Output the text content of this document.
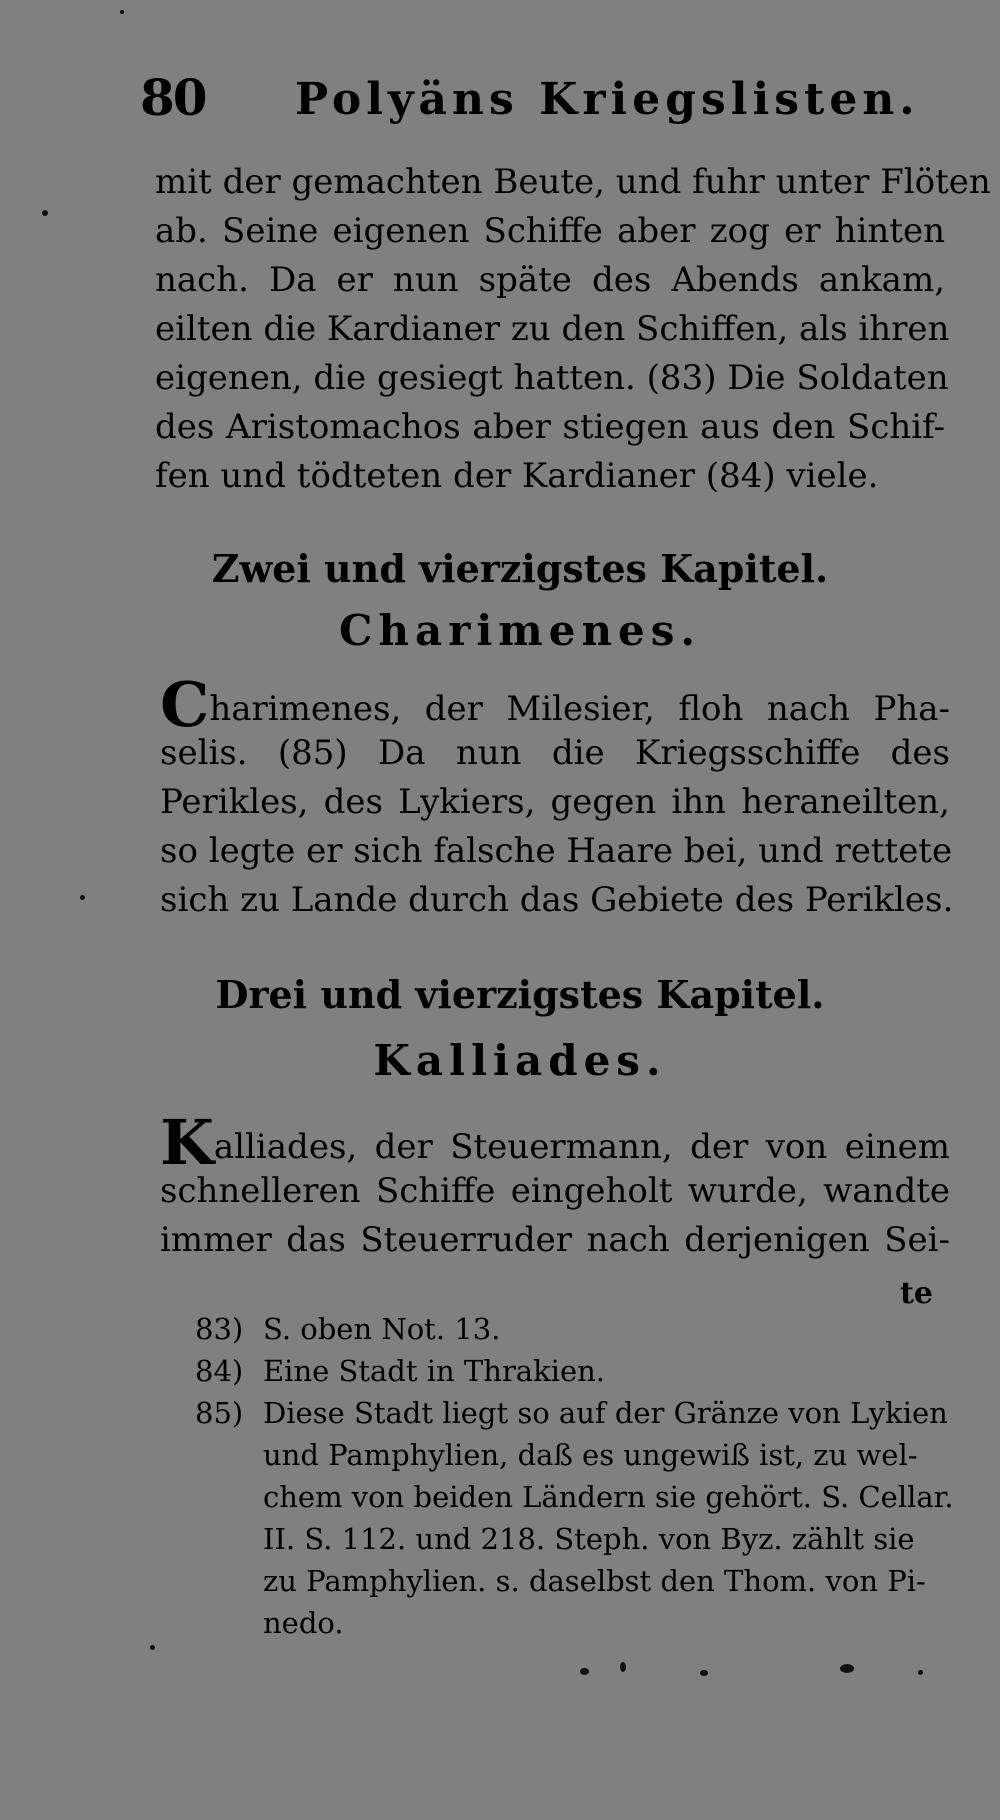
80 Polyäns Kriegslisten.
mit der gemachten Beute, und fuhr unter Flöten
ab. Seine eigenen Schiffe aber zog er hinten
nach. Da er nun späte des Abends ankam,
eilten die Kardianer zu den Schiffen, als ihren
eigenen, die gesiegt hatten. (83) Die Soldaten
des Aristomachos aber stiegen aus den Schif-
fen und tödteten der Kardianer (84) viele.
Zwei und vierzigstes Kapitel.
Charimenes.
Charimenes, der Milesier, floh nach Pha-
selis. (85) Da nun die Kriegsschiffe des
Perikles, des Lykiers, gegen ihn heraneilten,
so legte er sich falsche Haare bei, und rettete
sich zu Lande durch das Gebiete des Perikles.
Drei und vierzigstes Kapitel.
Kalliades.
Kalliades, der Steuermann, der von einem
schnelleren Schiffe eingeholt wurde, wandte
immer das Steuerruder nach derjenigen Sei-
te
83) S. oben Not. 13.
84) Eine Stadt in Thrakien.
85) Diese Stadt liegt so auf der Gränze von Lykien
und Pamphylien, daß es ungewiß ist, zu wel-
chem von beiden Ländern sie gehört. S. Cellar.
II. S. 112. und 218. Steph. von Byz. zählt sie
zu Pamphylien. s. daselbst den Thom. von Pi-
nedo.
